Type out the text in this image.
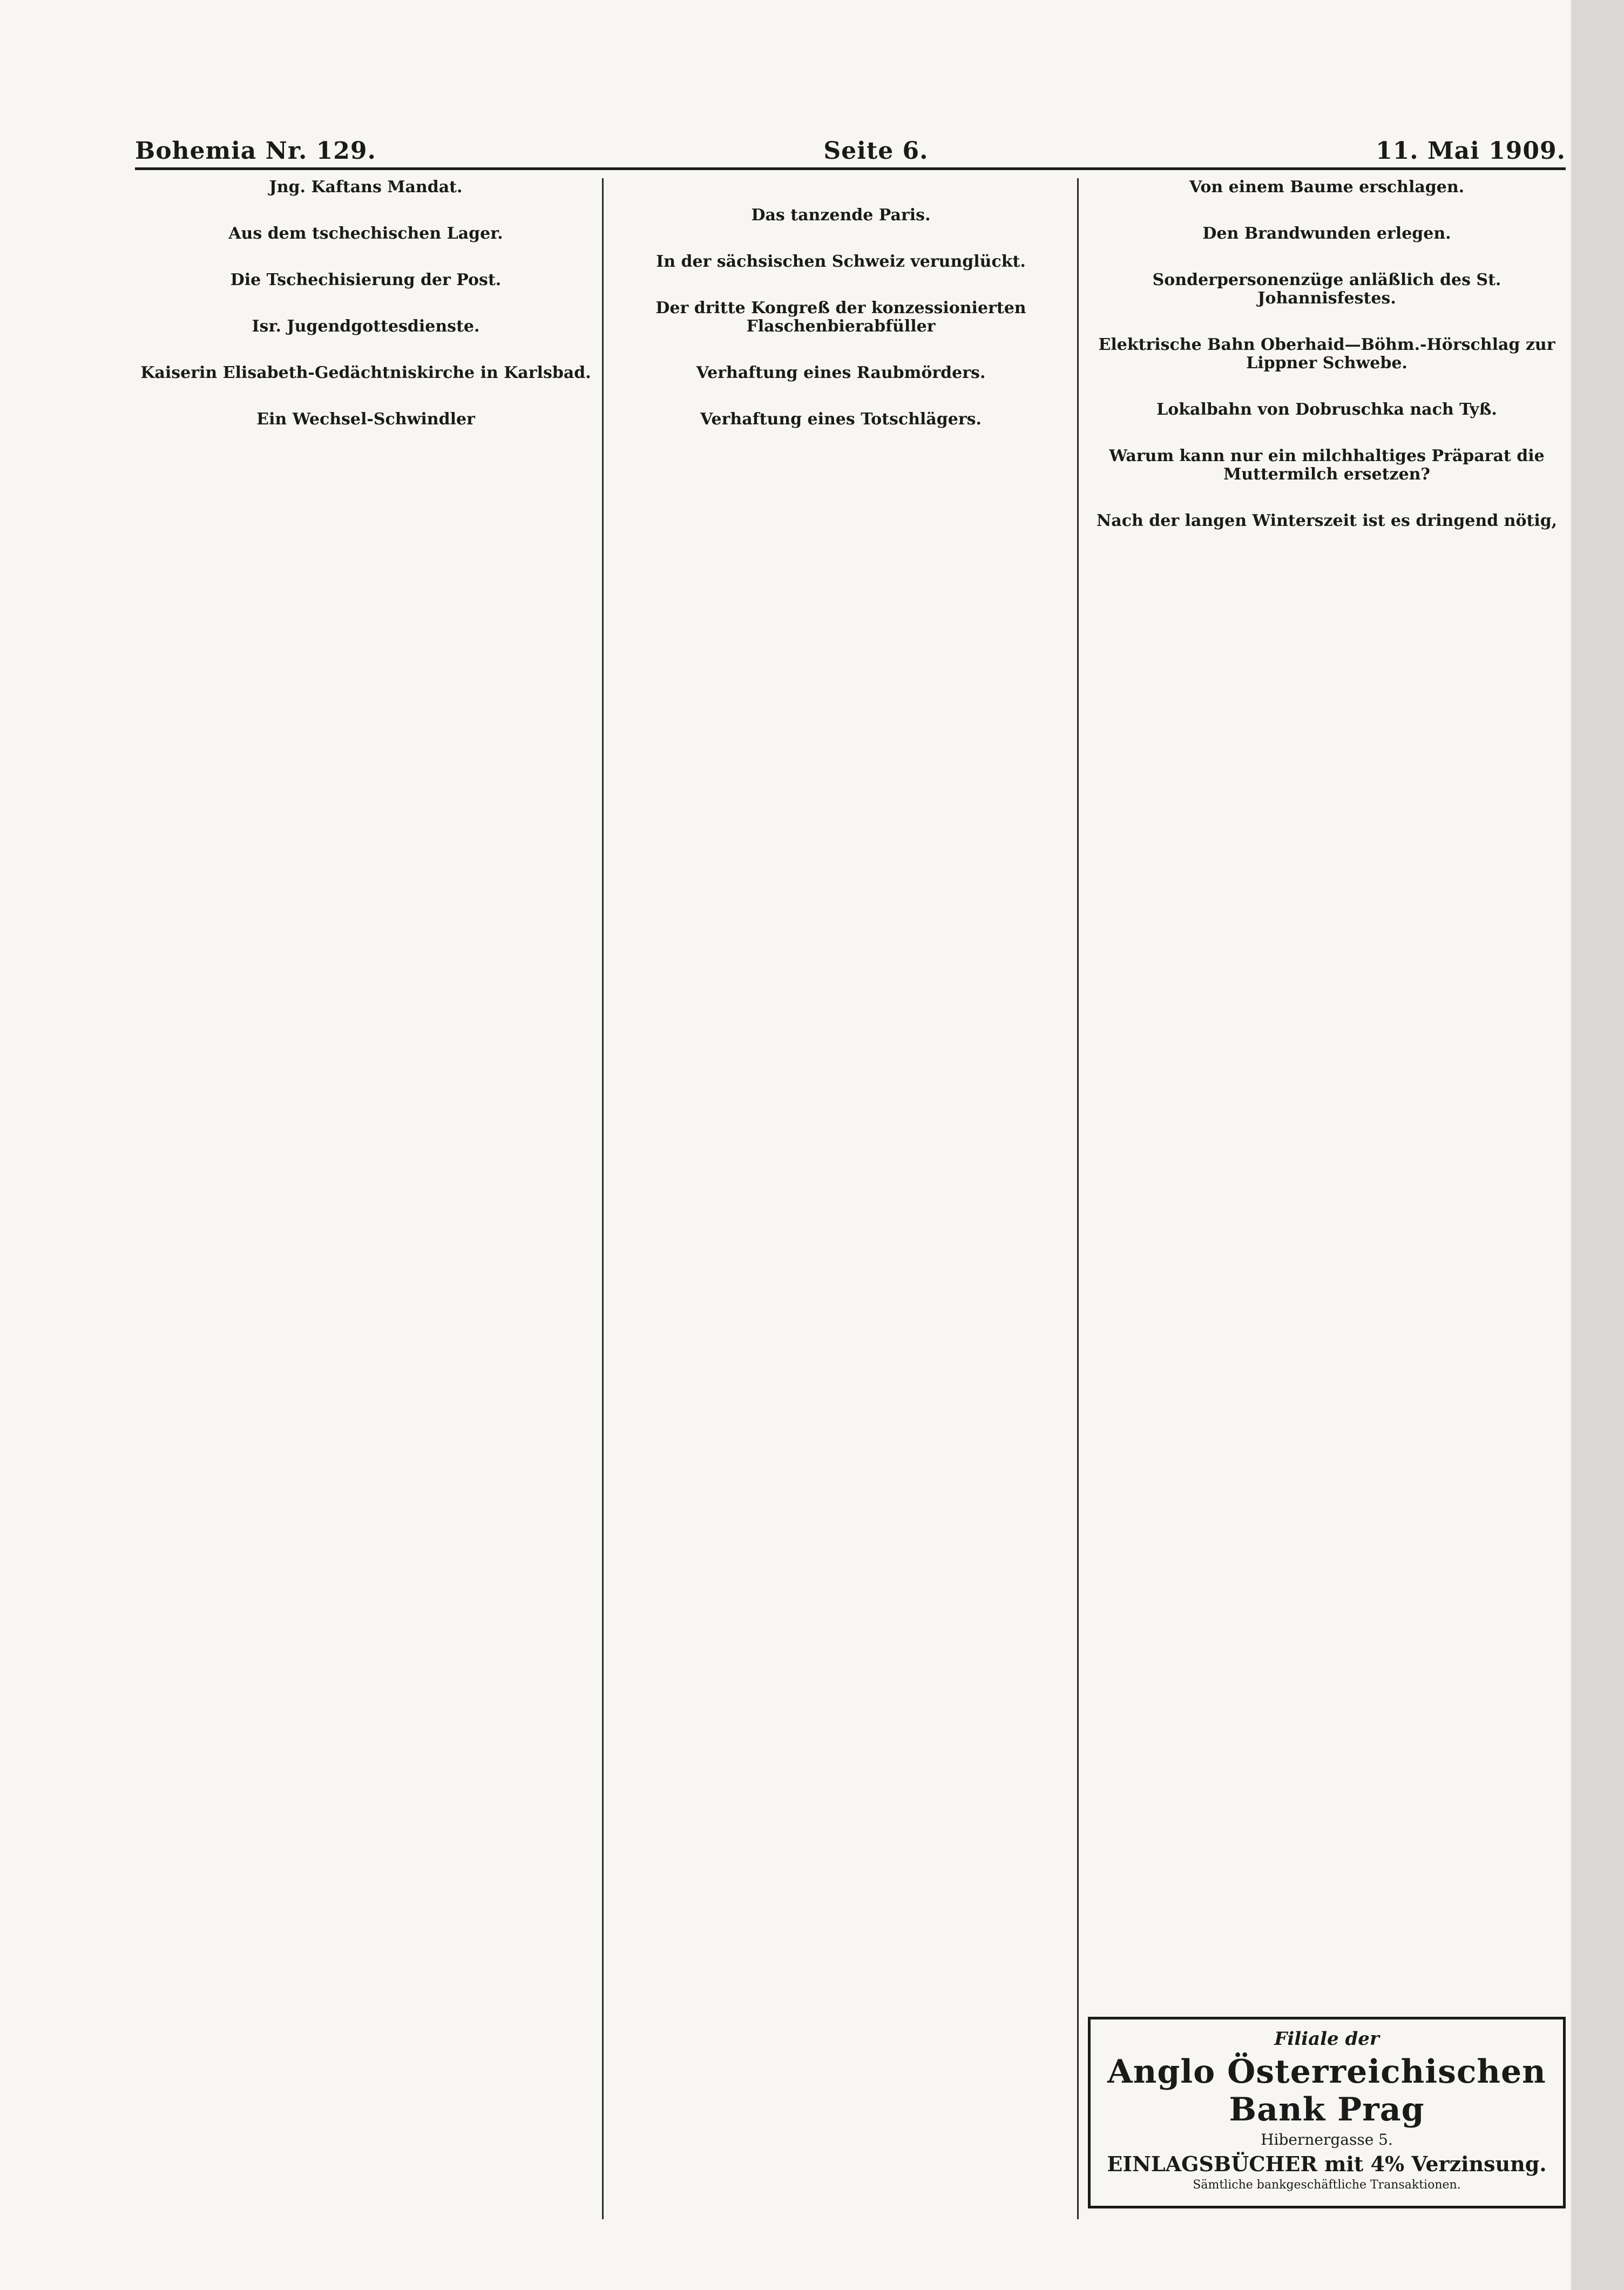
Bohemia Nr. 129.	Seite 6.	11. Mai 1909.
Jng. Kaftans Mandat.
Aus dem tschechischen Lager.
Die Tschechisierung der Post.
Isr. Jugendgottesdienste.
Kaiserin Elisabeth-Gedächtniskirche in Karlsbad.
Ein Wechsel-Schwindler
Das tanzende Paris.
In der sächsischen Schweiz verunglückt.
Der dritte Kongreß der konzessionierten Flaschenbierabfüller
Verhaftung eines Raubmörders.
Verhaftung eines Totschlägers.
Von einem Baume erschlagen.
Den Brandwunden erlegen.
Sonderpersonenzüge anläßlich des St. Johannisfestes.
Elektrische Bahn Oberhaid—Böhm.-Hörschlag zur Lippner Schwebe.
Lokalbahn von Dobruschka nach Tyß.
Warum kann nur ein milchhaltiges Präparat die Muttermilch ersetzen?
Nach der langen Winterszeit ist es dringend nötig,
Filiale der
Anglo Österreichischen Bank Prag
Hibernergasse 5.
EINLAGSBÜCHER mit 4% Verzinsung.
Sämtliche bankgeschäftliche Transaktionen.
